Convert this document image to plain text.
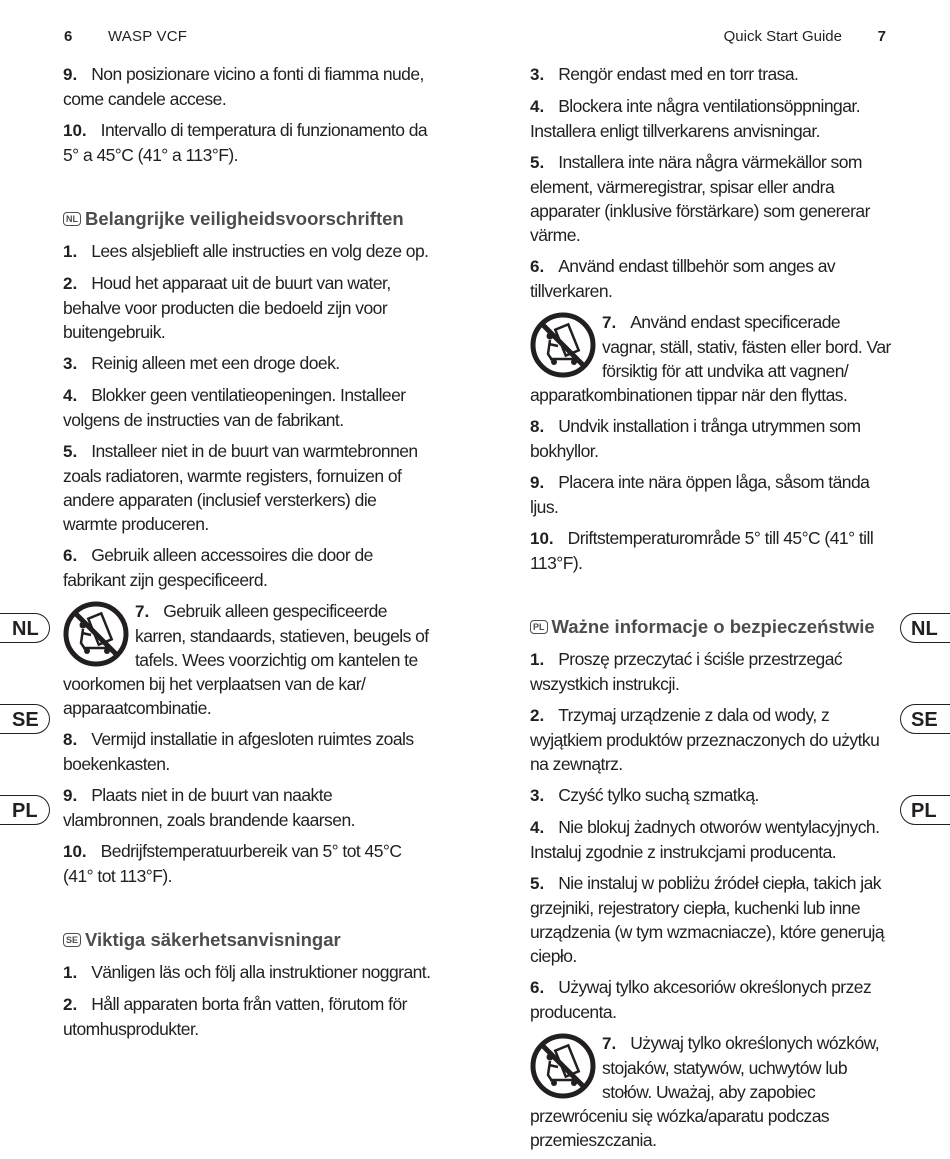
6 WASP VCF	Quick Start Guide 7
NL
SE
PL
NL
SE
PL
9. Non posizionare vicino a fonti di fiamma nude, come candele accese.
10. Intervallo di temperatura di funzionamento da 5° a 45°C (41° a 113°F).
NL Belangrijke veiligheidsvoorschriften
1. Lees alsjeblieft alle instructies en volg deze op.
2. Houd het apparaat uit de buurt van water, behalve voor producten die bedoeld zijn voor buitengebruik.
3. Reinig alleen met een droge doek.
4. Blokker geen ventilatieopeningen. Installeer volgens de instructies van de fabrikant.
5. Installeer niet in de buurt van warmtebronnen zoals radiatoren, warmte registers, fornuizen of andere apparaten (inclusief versterkers) die warmte produceren.
6. Gebruik alleen accessoires die door de fabrikant zijn gespecificeerd.
7. Gebruik alleen gespecificeerde karren, standaards, statieven, beugels of tafels. Wees voorzichtig om kantelen te voorkomen bij het verplaatsen van de kar/ apparaatcombinatie.
8. Vermijd installatie in afgesloten ruimtes zoals boekenkasten.
9. Plaats niet in de buurt van naakte vlambronnen, zoals brandende kaarsen.
10. Bedrijfstemperatuurbereik van 5° tot 45°C (41° tot 113°F).
SE Viktiga säkerhetsanvisningar
1. Vänligen läs och följ alla instruktioner noggrant.
2. Håll apparaten borta från vatten, förutom för utomhusprodukter.
3. Rengör endast med en torr trasa.
4. Blockera inte några ventilationsöppningar. Installera enligt tillverkarens anvisningar.
5. Installera inte nära några värmekällor som element, värmeregistrar, spisar eller andra apparater (inklusive förstärkare) som genererar värme.
6. Använd endast tillbehör som anges av tillverkaren.
7. Använd endast specificerade vagnar, ställ, stativ, fästen eller bord. Var försiktig för att undvika att vagnen/ apparatkombinationen tippar när den flyttas.
8. Undvik installation i trånga utrymmen som bokhyllor.
9. Placera inte nära öppen låga, såsom tända ljus.
10. Driftstemperaturområde 5° till 45°C (41° till 113°F).
PL Ważne informacje o bezpieczeństwie
1. Proszę przeczytać i ściśle przestrzegać wszystkich instrukcji.
2. Trzymaj urządzenie z dala od wody, z wyjątkiem produktów przeznaczonych do użytku na zewnątrz.
3. Czyść tylko suchą szmatką.
4. Nie blokuj żadnych otworów wentylacyjnych. Instaluj zgodnie z instrukcjami producenta.
5. Nie instaluj w pobliżu źródeł ciepła, takich jak grzejniki, rejestratory ciepła, kuchenki lub inne urządzenia (w tym wzmacniacze), które generują ciepło.
6. Używaj tylko akcesoriów określonych przez producenta.
7. Używaj tylko określonych wózków, stojaków, statywów, uchwytów lub stołów. Uważaj, aby zapobiec przewróceniu się wózka/aparatu podczas przemieszczania.
